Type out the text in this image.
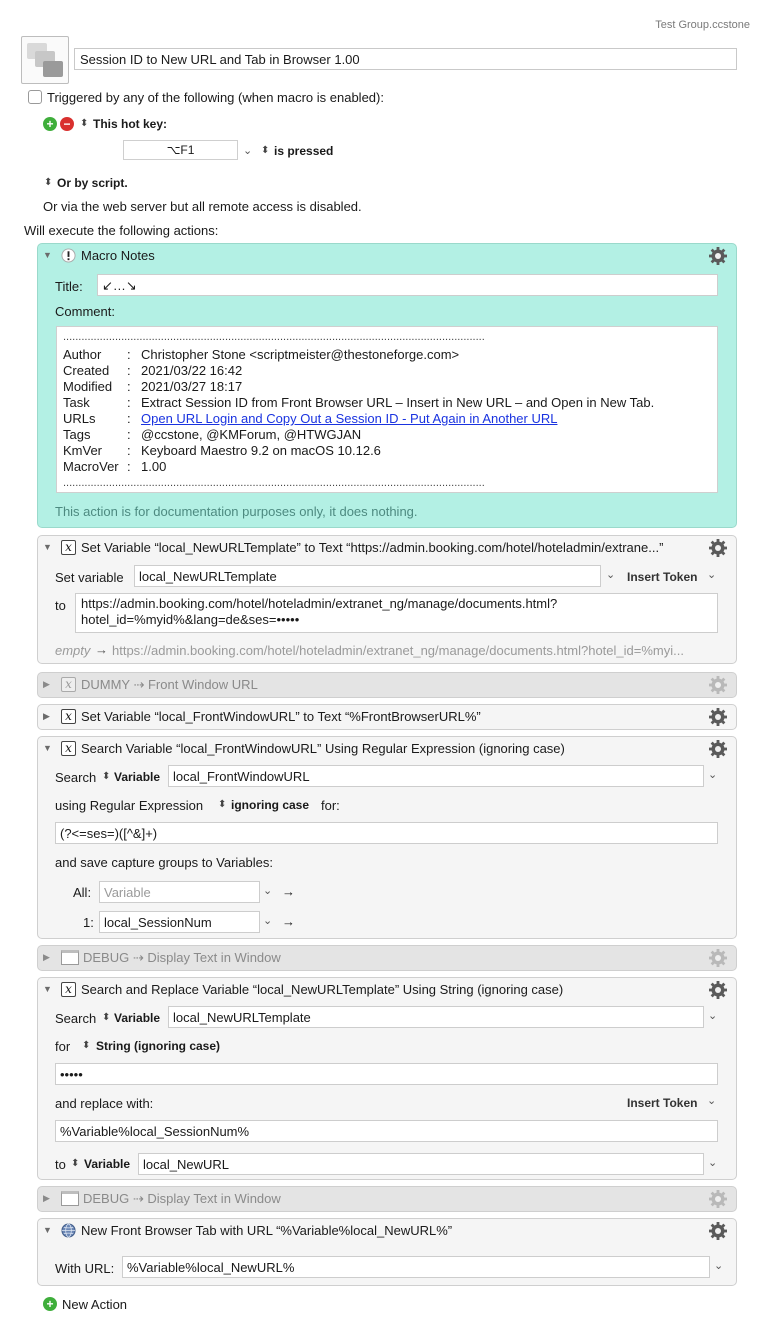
Test Group.ccstone
Session ID to New URL and Tab in Browser 1.00
Triggered by any of the following (when macro is enabled):
+ − ⬍ This hot key:
⌥F1	⌄ ⬍ is pressed
⬍ Or by script.
Or via the web server but all remote access is disabled.
Will execute the following actions:
▼ Macro Notes
Title:	↙…↘
Comment:
..........................................................................................................................................
Author	:	Christopher Stone <scriptmeister@thestoneforge.com>
Created	:	2021/03/22 16:42
Modified	:	2021/03/27 18:17
Task	:	Extract Session ID from Front Browser URL – Insert in New URL – and Open in New Tab.
URLs	:	Open URL Login and Copy Out a Session ID - Put Again in Another URL
Tags	:	@ccstone, @KMForum, @HTWGJAN
KmVer	:	Keyboard Maestro 9.2 on macOS 10.12.6
MacroVer	:	1.00
..........................................................................................................................................
This action is for documentation purposes only, it does nothing.
▼	𝑥 Set Variable “local_NewURLTemplate” to Text “https://admin.booking.com/hotel/hoteladmin/extrane...”
Set variable	local_NewURLTemplate	⌄ Insert Token ⌄
to https://admin.booking.com/hotel/hoteladmin/extranet_ng/manage/documents.html?
hotel_id=%myid%&lang=de&ses=•••••
empty → https://admin.booking.com/hotel/hoteladmin/extranet_ng/manage/documents.html?hotel_id=%myi...
▶	𝑥 DUMMY ⇢ Front Window URL
▶	𝑥 Set Variable “local_FrontWindowURL” to Text “%FrontBrowserURL%”
▼	𝑥 Search Variable “local_FrontWindowURL” Using Regular Expression (ignoring case)
Search ⬍ Variable local_FrontWindowURL	⌄
using Regular Expression ⬍ ignoring case for:
(?<=ses=)([^&]+)
and save capture groups to Variables:
All: Variable	⌄ →
1: local_SessionNum	⌄ →
▶	DEBUG ⇢ Display Text in Window
▼	𝑥 Search and Replace Variable “local_NewURLTemplate” Using String (ignoring case)
Search ⬍ Variable local_NewURLTemplate	⌄
for ⬍ String (ignoring case)
•••••
and replace with:	Insert Token ⌄
%Variable%local_SessionNum%
to ⬍ Variable local_NewURL	⌄
▶	DEBUG ⇢ Display Text in Window
▼ New Front Browser Tab with URL “%Variable%local_NewURL%”
With URL: %Variable%local_NewURL%	⌄
+ New Action
